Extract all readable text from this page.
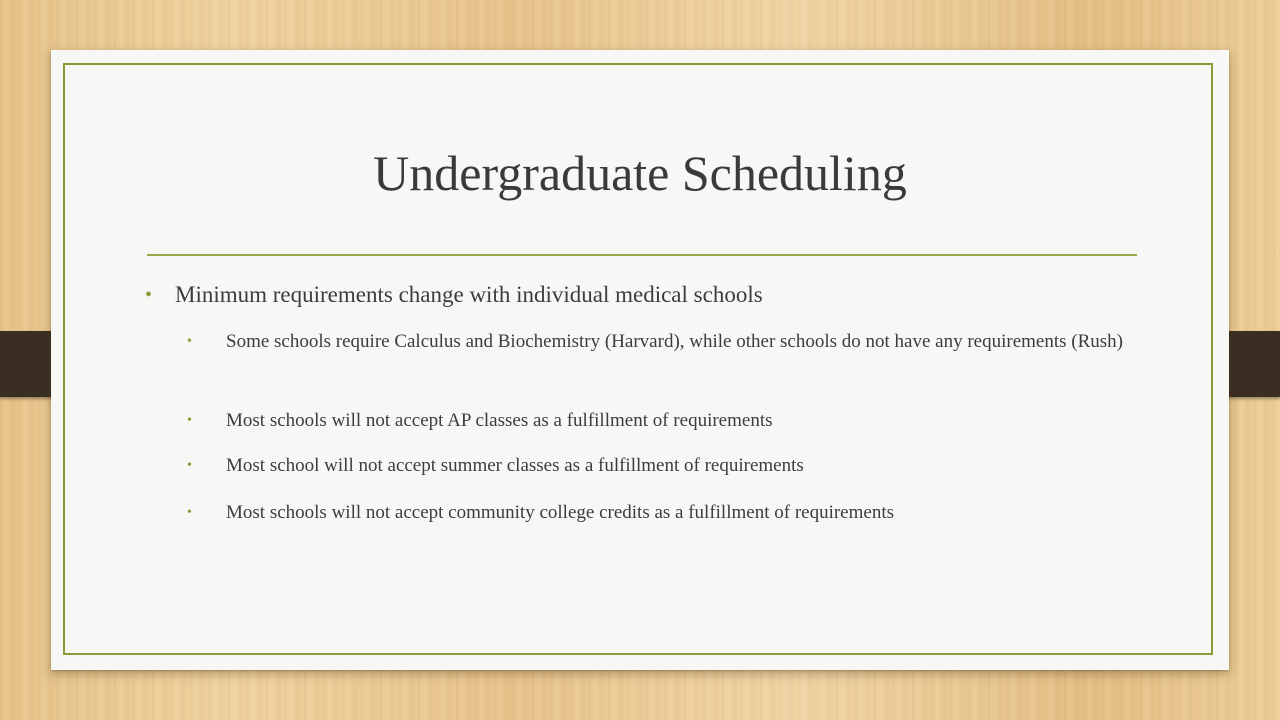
Undergraduate Scheduling
• Minimum requirements change with individual medical schools
• Some schools require Calculus and Biochemistry (Harvard), while other schools do not have any requirements (Rush)
• Most schools will not accept AP classes as a fulfillment of requirements
• Most school will not accept summer classes as a fulfillment of requirements
• Most schools will not accept community college credits as a fulfillment of requirements
